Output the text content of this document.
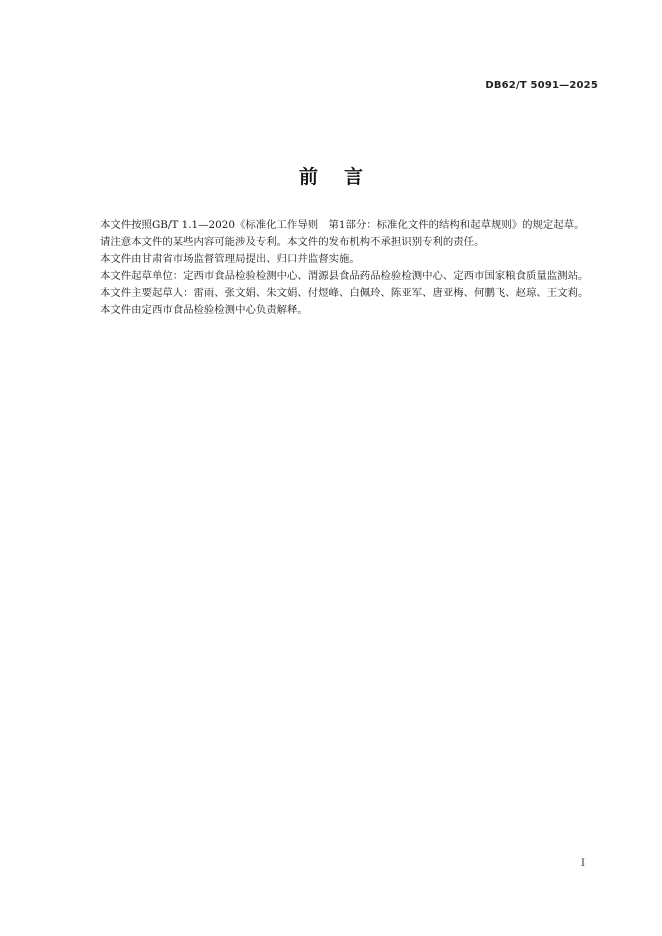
DB62/T 5091—2025
前言

本文件按照GB/T 1.1—2020《标准化工作导则　第1部分：标准化文件的结构和起草规则》的规定起草。

请注意本文件的某些内容可能涉及专利。本文件的发布机构不承担识别专利的责任。

本文件由甘肃省市场监督管理局提出、归口并监督实施。

本文件起草单位：定西市食品检验检测中心、渭源县食品药品检验检测中心、定西市国家粮食质量监测站。

本文件主要起草人：雷雨、张文娟、朱文娟、付煜峰、白佩玲、陈亚军、唐亚梅、何鹏飞、赵琼、王文莉。

本文件由定西市食品检验检测中心负责解释。

I
